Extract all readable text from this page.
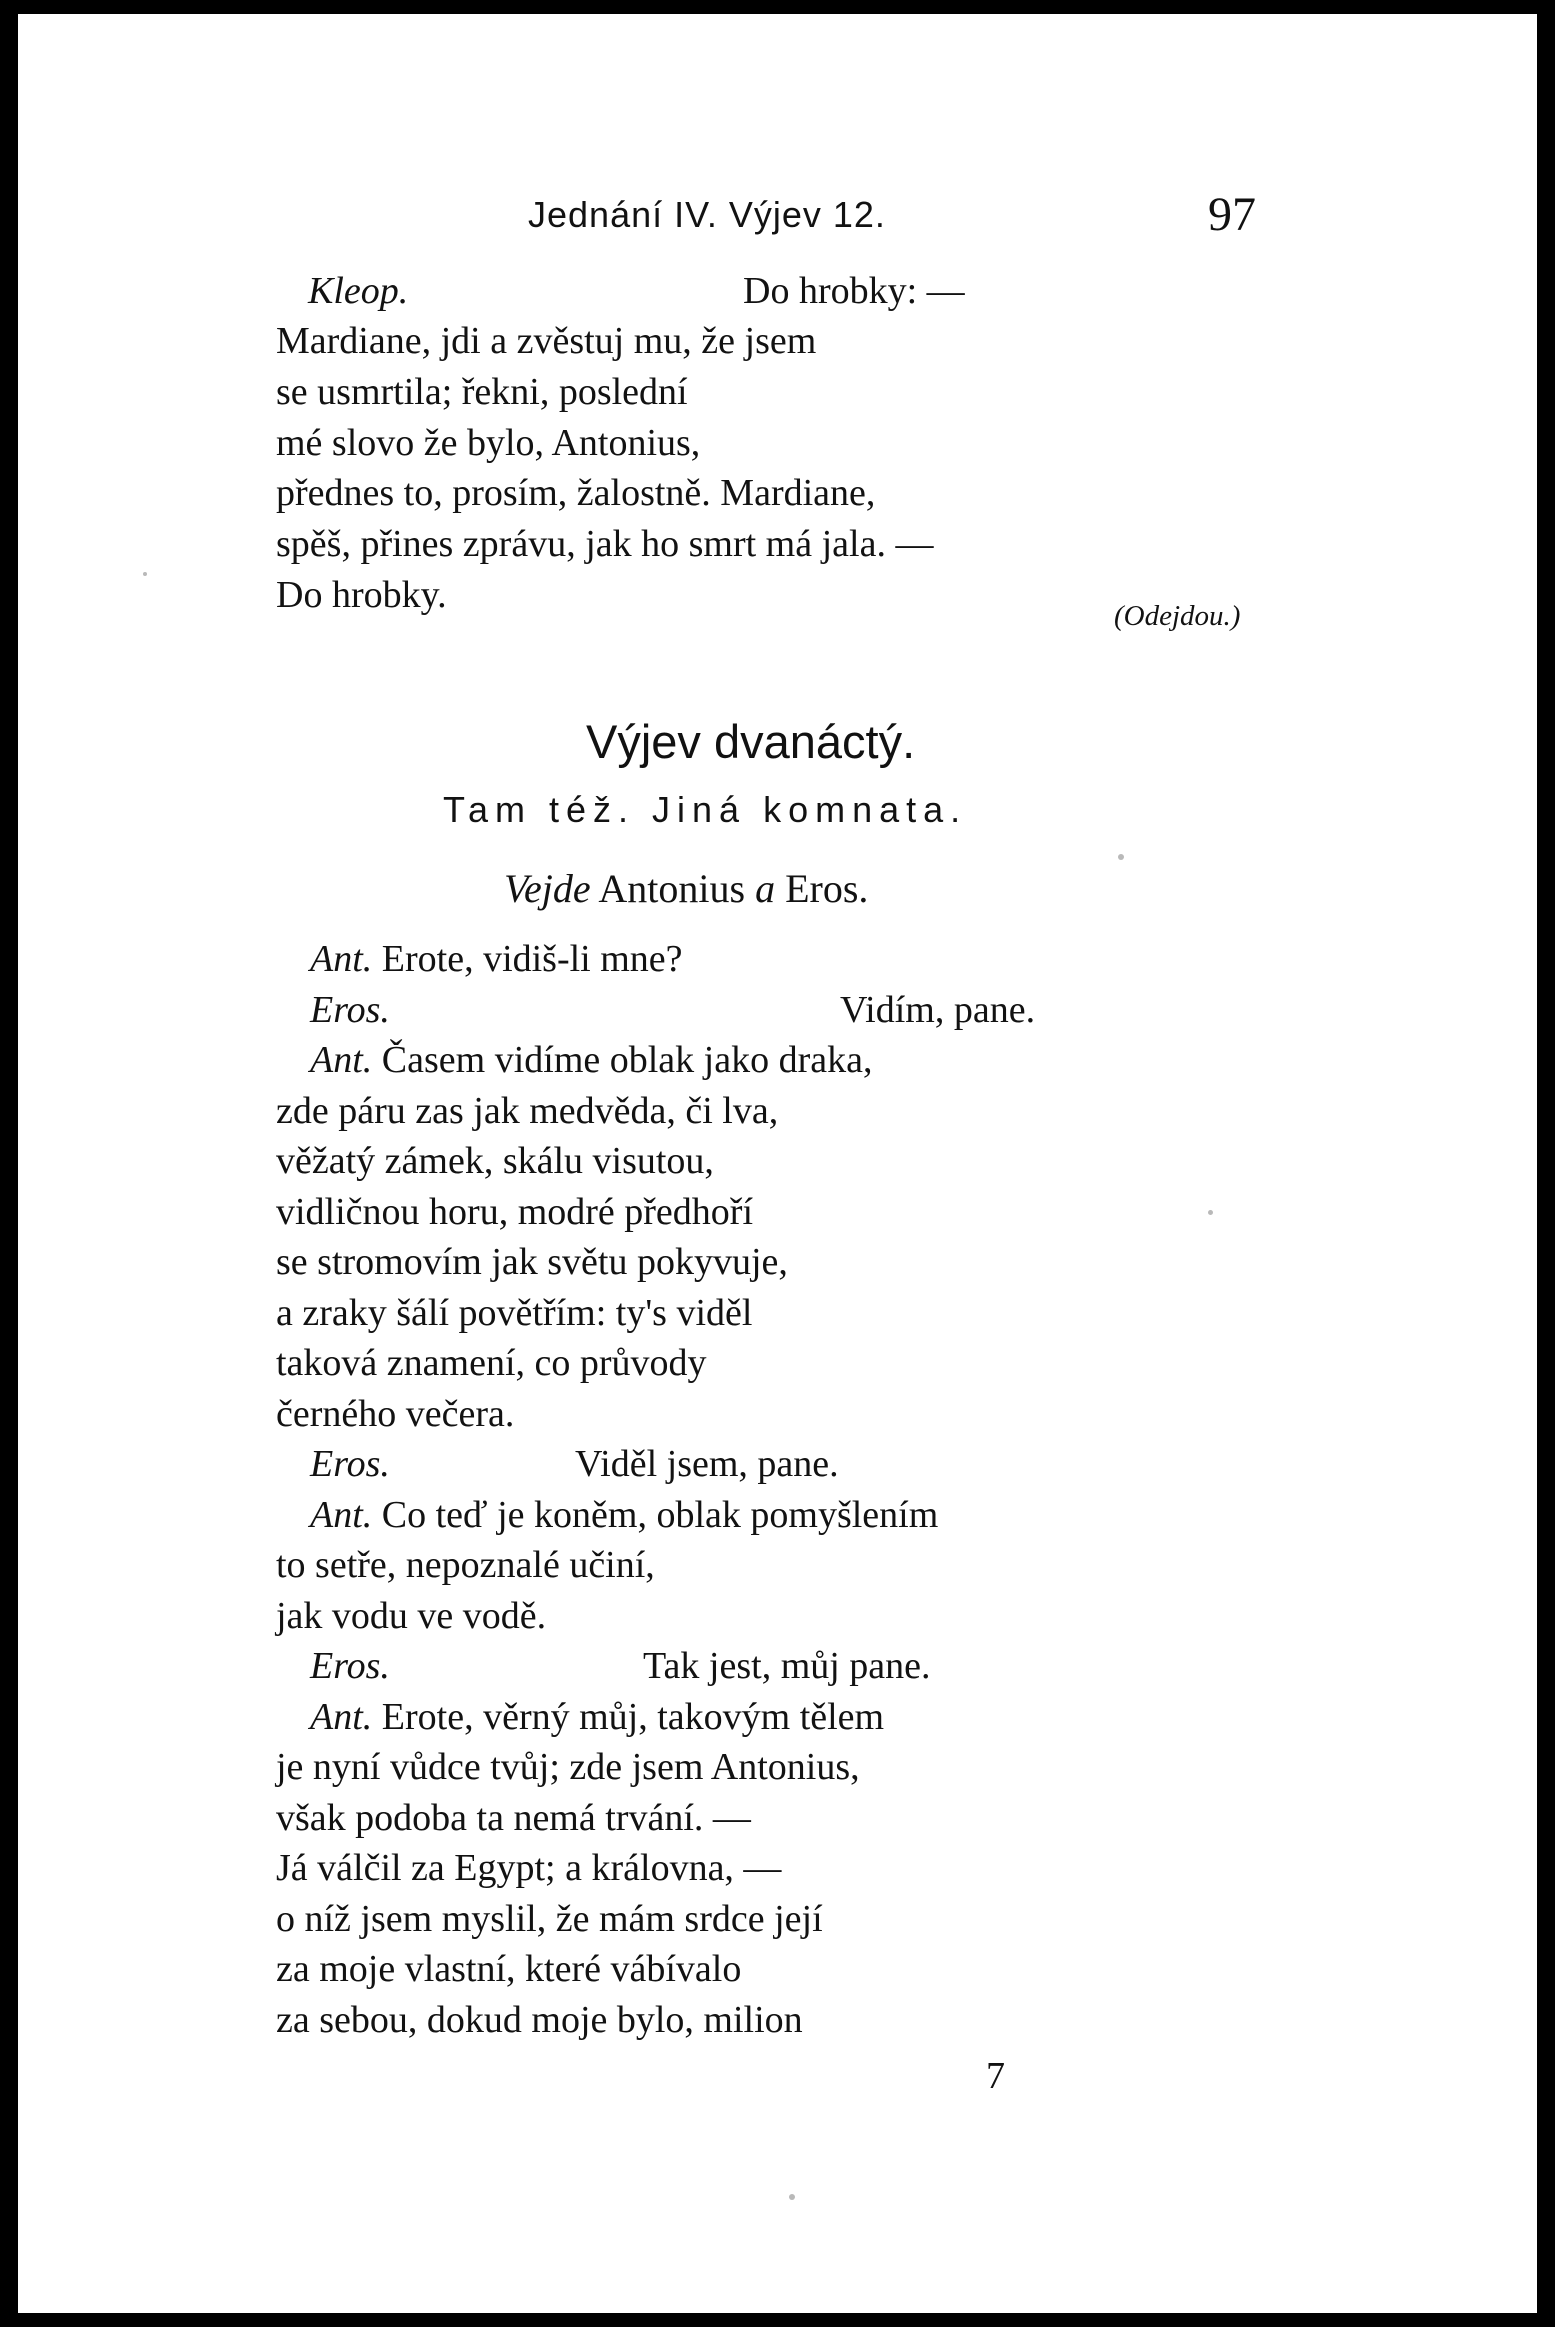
Jednání IV. Výjev 12.	97
Kleop.	Do hrobky: —
Mardiane, jdi a zvěstuj mu, že jsem
se usmrtila; řekni, poslední
mé slovo že bylo, Antonius,
přednes to, prosím, žalostně. Mardiane,
spěš, přines zprávu, jak ho smrt má jala. —
Do hrobky.	(Odejdou.)
Výjev dvanáctý.
Tam též. Jiná komnata.
Vejde Antonius a Eros.
Ant. Erote, vidiš-li mne?
Eros.	Vidím, pane.
Ant. Časem vidíme oblak jako draka,
zde páru zas jak medvěda, či lva,
věžatý zámek, skálu visutou,
vidličnou horu, modré předhoří
se stromovím jak světu pokyvuje,
a zraky šálí povětřím: ty's viděl
taková znamení, co průvody
černého večera.
Eros.	Viděl jsem, pane.
Ant. Co teď je koněm, oblak pomyšlením
to setře, nepoznalé učiní,
jak vodu ve vodě.
Eros.	Tak jest, můj pane.
Ant. Erote, věrný můj, takovým tělem
je nyní vůdce tvůj; zde jsem Antonius,
však podoba ta nemá trvání. —
Já válčil za Egypt; a královna, —
o níž jsem myslil, že mám srdce její
za moje vlastní, které vábívalo
za sebou, dokud moje bylo, milion
7
